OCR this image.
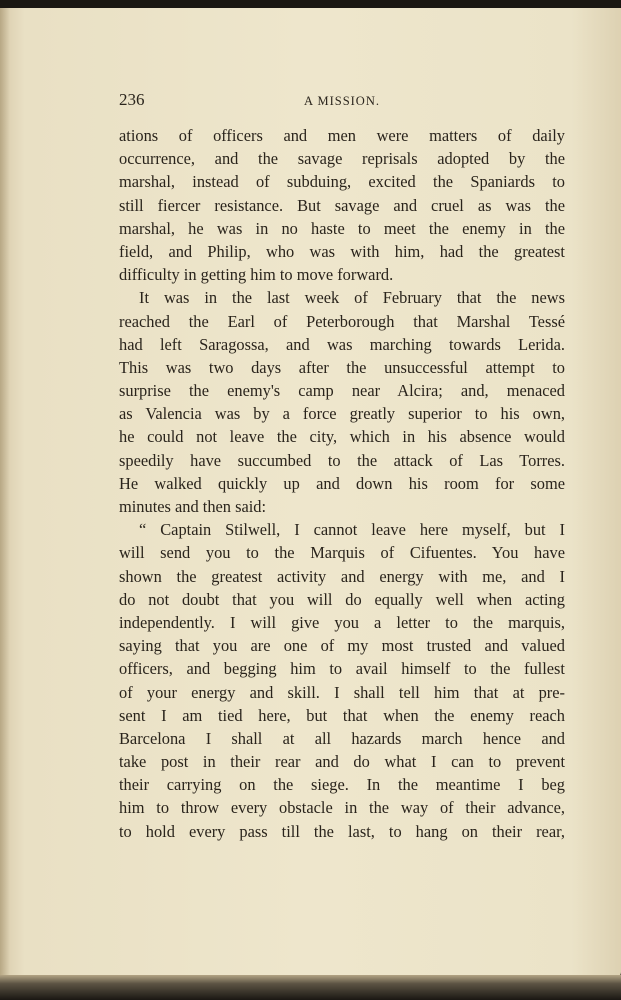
236	A MISSION.
ations of officers and men were matters of daily
occurrence, and the savage reprisals adopted by the
marshal, instead of subduing, excited the Spaniards to
still fiercer resistance. But savage and cruel as was the
marshal, he was in no haste to meet the enemy in the
field, and Philip, who was with him, had the greatest
difficulty in getting him to move forward.
It was in the last week of February that the news
reached the Earl of Peterborough that Marshal Tessé
had left Saragossa, and was marching towards Lerida.
This was two days after the unsuccessful attempt to
surprise the enemy's camp near Alcira; and, menaced
as Valencia was by a force greatly superior to his own,
he could not leave the city, which in his absence would
speedily have succumbed to the attack of Las Torres.
He walked quickly up and down his room for some
minutes and then said:
“ Captain Stilwell, I cannot leave here myself, but I
will send you to the Marquis of Cifuentes. You have
shown the greatest activity and energy with me, and I
do not doubt that you will do equally well when acting
independently. I will give you a letter to the marquis,
saying that you are one of my most trusted and valued
officers, and begging him to avail himself to the fullest
of your energy and skill. I shall tell him that at pre-
sent I am tied here, but that when the enemy reach
Barcelona I shall at all hazards march hence and
take post in their rear and do what I can to prevent
their carrying on the siege. In the meantime I beg
him to throw every obstacle in the way of their advance,
to hold every pass till the last, to hang on their rear,
